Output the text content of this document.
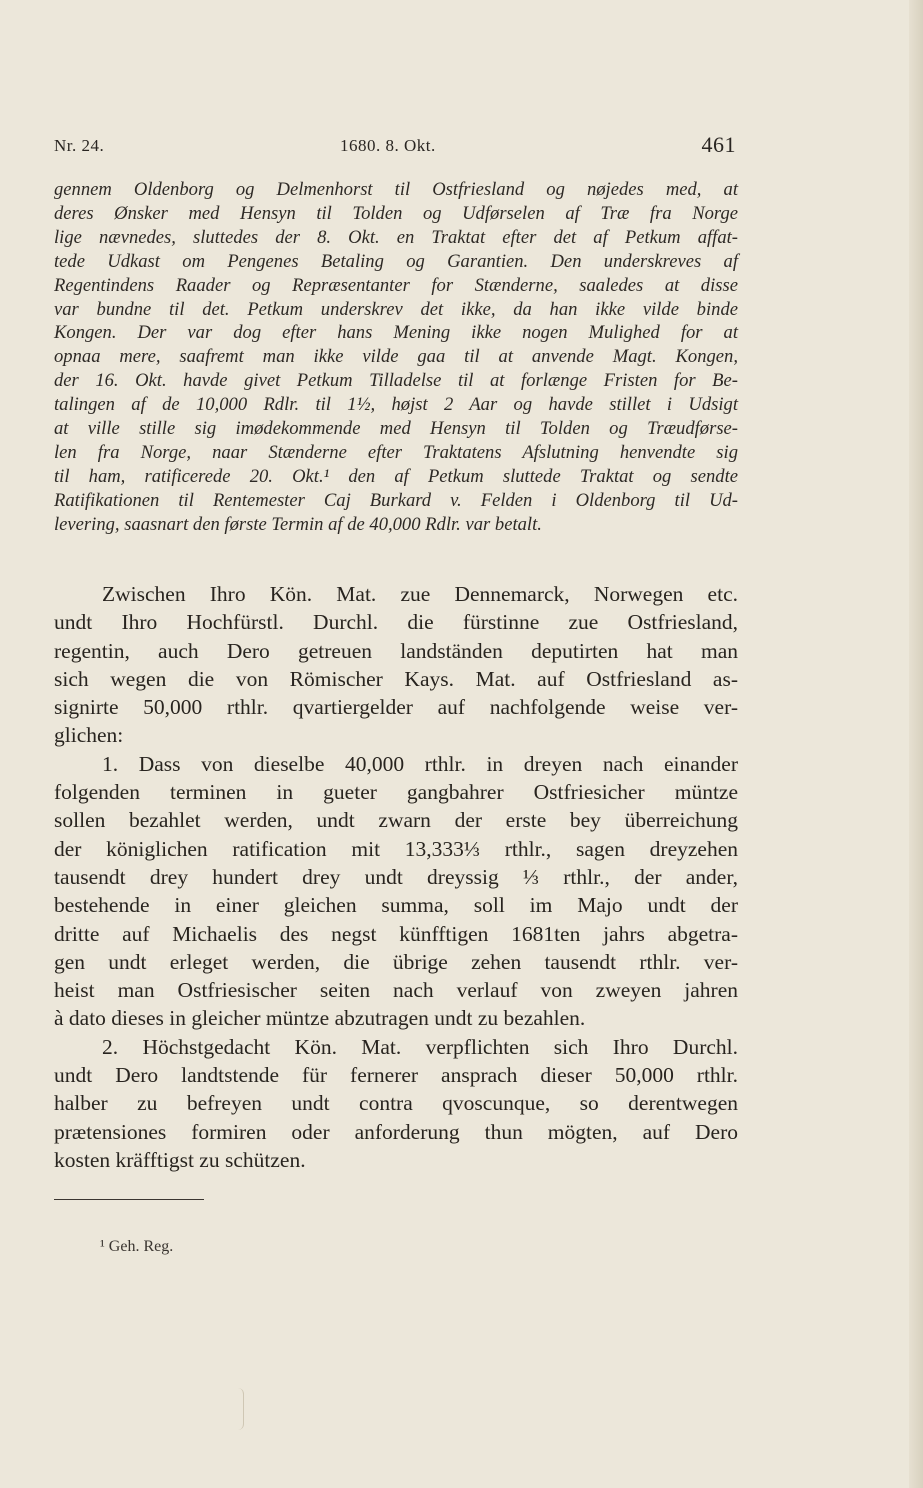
Nr. 24.	1680. 8. Okt.	461
gennem Oldenborg og Delmenhorst til Ostfriesland og nøjedes med, at
deres Ønsker med Hensyn til Tolden og Udførselen af Træ fra Norge
lige nævnedes, sluttedes der 8. Okt. en Traktat efter det af Petkum affat-
tede Udkast om Pengenes Betaling og Garantien. Den underskreves af
Regentindens Raader og Repræsentanter for Stænderne, saaledes at disse
var bundne til det. Petkum underskrev det ikke, da han ikke vilde binde
Kongen. Der var dog efter hans Mening ikke nogen Mulighed for at
opnaa mere, saafremt man ikke vilde gaa til at anvende Magt. Kongen,
der 16. Okt. havde givet Petkum Tilladelse til at forlænge Fristen for Be-
talingen af de 10,000 Rdlr. til 1½, højst 2 Aar og havde stillet i Udsigt
at ville stille sig imødekommende med Hensyn til Tolden og Træudførse-
len fra Norge, naar Stænderne efter Traktatens Afslutning henvendte sig
til ham, ratificerede 20. Okt.¹ den af Petkum sluttede Traktat og sendte
Ratifikationen til Rentemester Caj Burkard v. Felden i Oldenborg til Ud-
levering, saasnart den første Termin af de 40,000 Rdlr. var betalt.
Zwischen Ihro Kön. Mat. zue Dennemarck, Norwegen etc.
undt Ihro Hochfürstl. Durchl. die fürstinne zue Ostfriesland,
regentin, auch Dero getreuen landständen deputirten hat man
sich wegen die von Römischer Kays. Mat. auf Ostfriesland as-
signirte 50,000 rthlr. qvartiergelder auf nachfolgende weise ver-
glichen:
1. Dass von dieselbe 40,000 rthlr. in dreyen nach einander
folgenden terminen in gueter gangbahrer Ostfriesicher müntze
sollen bezahlet werden, undt zwarn der erste bey überreichung
der königlichen ratification mit 13,333⅓ rthlr., sagen dreyzehen
tausendt drey hundert drey undt dreyssig ⅓ rthlr., der ander,
bestehende in einer gleichen summa, soll im Majo undt der
dritte auf Michaelis des negst künfftigen 1681ten jahrs abgetra-
gen undt erleget werden, die übrige zehen tausendt rthlr. ver-
heist man Ostfriesischer seiten nach verlauf von zweyen jahren
à dato dieses in gleicher müntze abzutragen undt zu bezahlen.
2. Höchstgedacht Kön. Mat. verpflichten sich Ihro Durchl.
undt Dero landtstende für fernerer ansprach dieser 50,000 rthlr.
halber zu befreyen undt contra qvoscunque, so derentwegen
prætensiones formiren oder anforderung thun mögten, auf Dero
kosten kräfftigst zu schützen.
¹ Geh. Reg.
